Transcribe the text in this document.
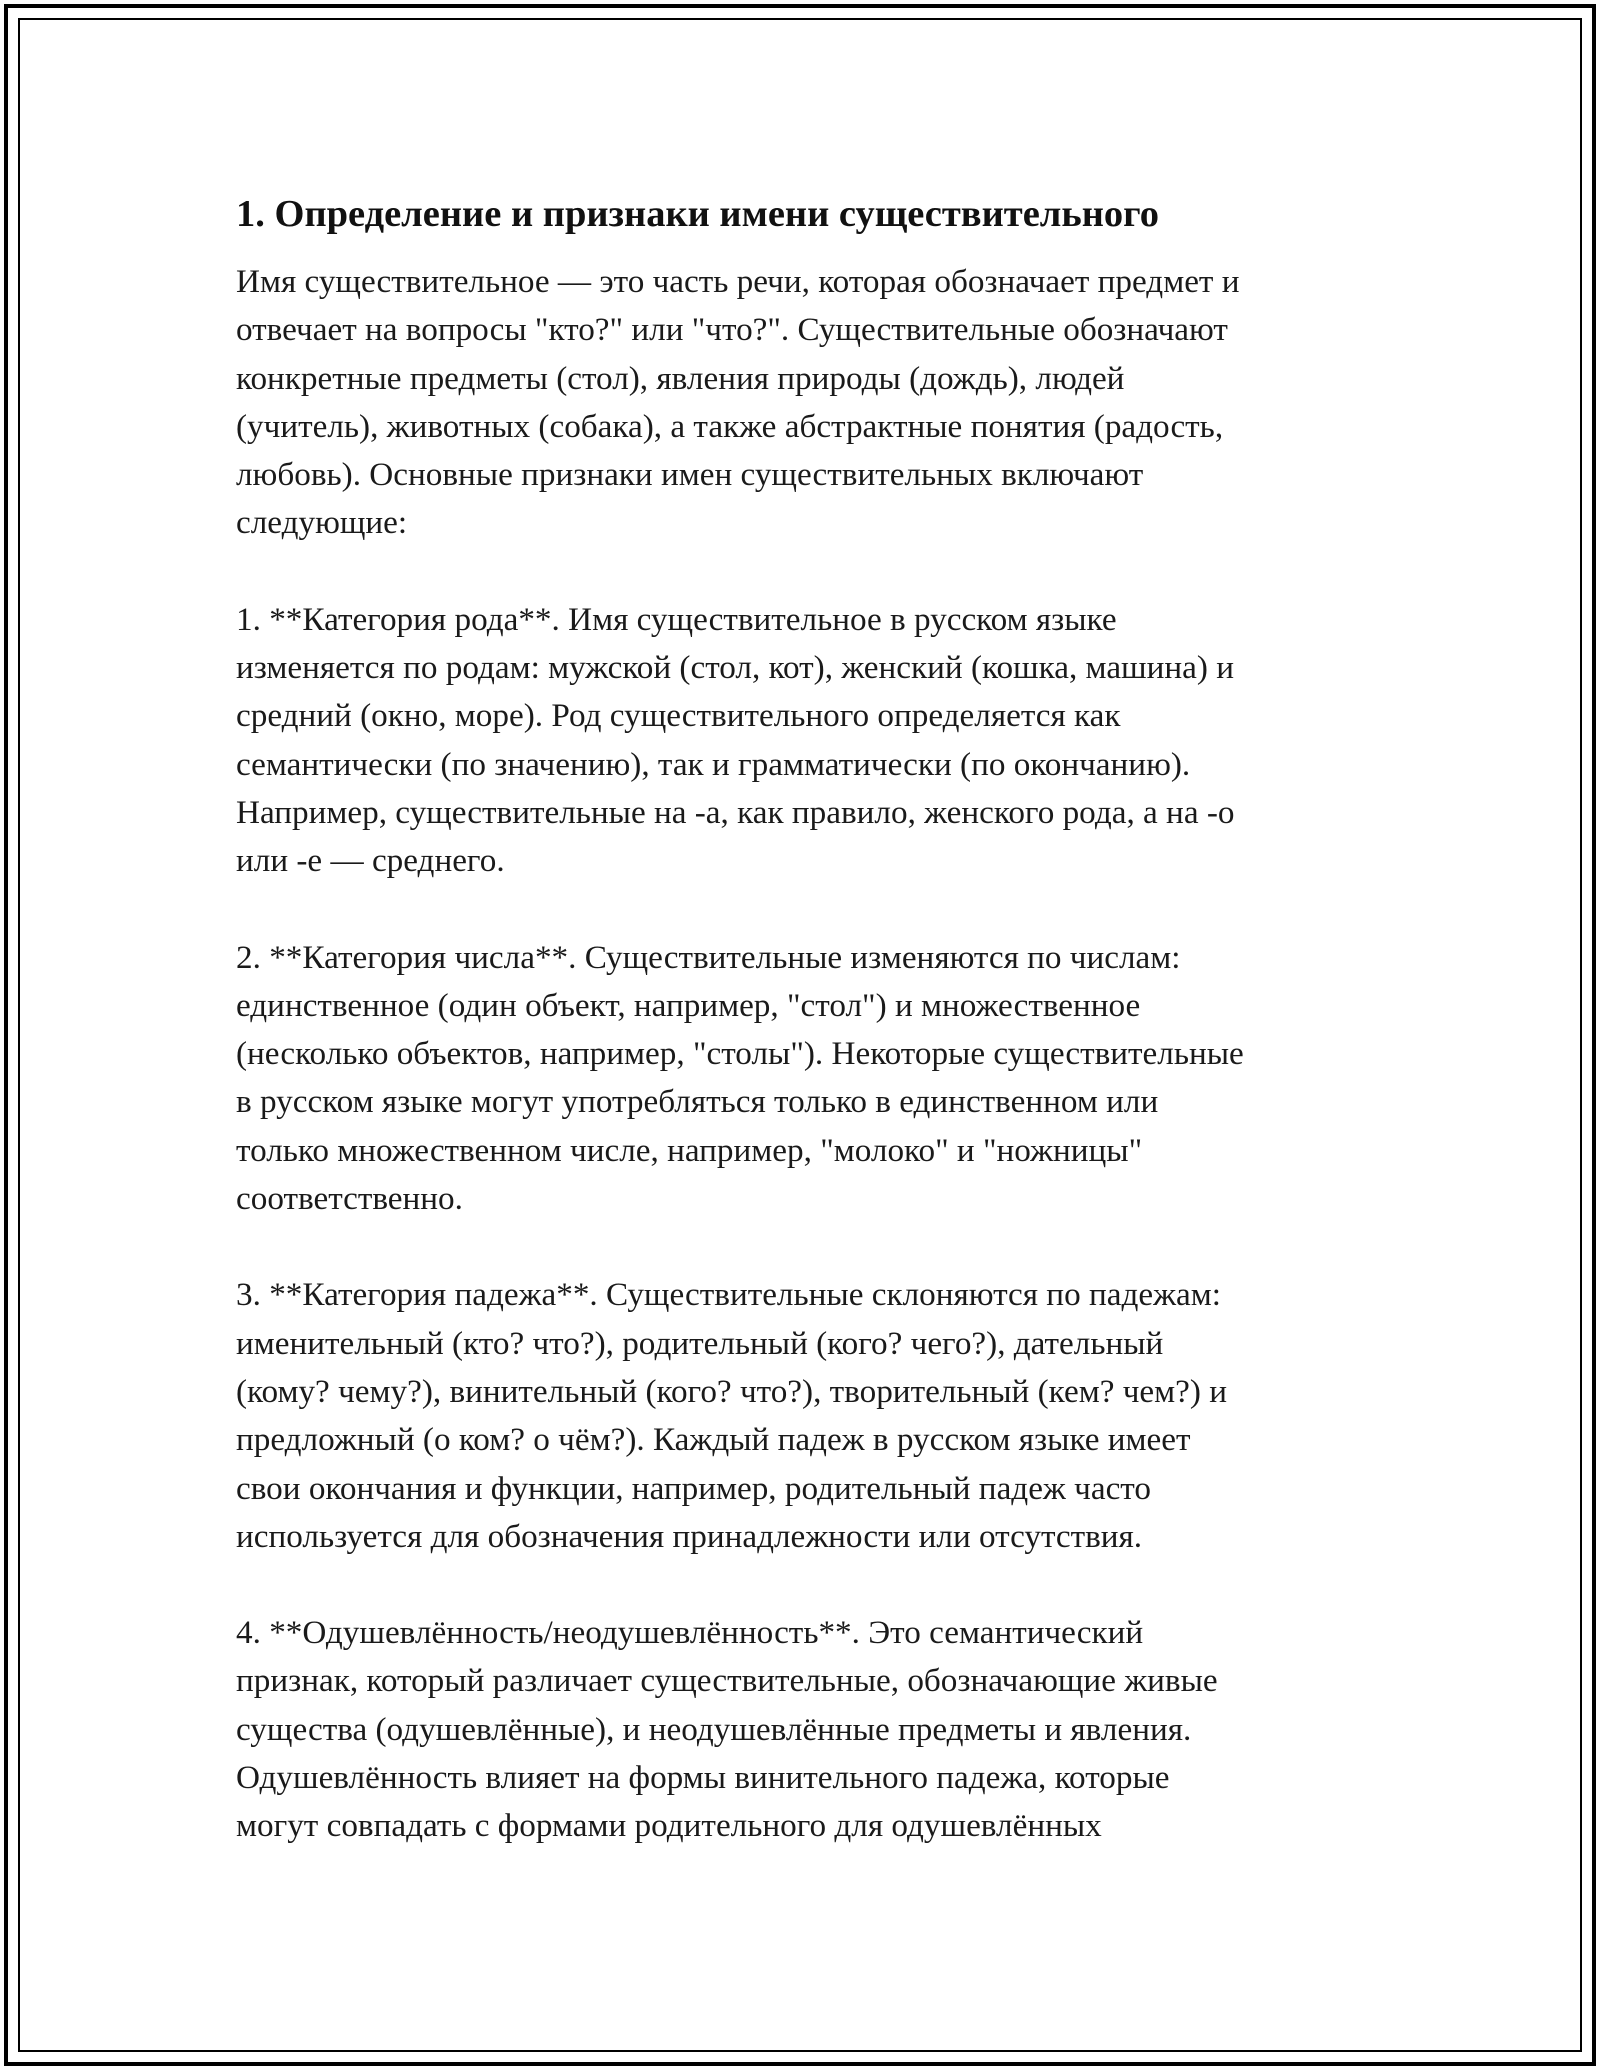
1. Определение и признаки имени существительного

Имя существительное — это часть речи, которая обозначает предмет и
отвечает на вопросы "кто?" или "что?". Существительные обозначают
конкретные предметы (стол), явления природы (дождь), людей
(учитель), животных (собака), а также абстрактные понятия (радость,
любовь). Основные признаки имен существительных включают
следующие:

1. **Категория рода**. Имя существительное в русском языке
изменяется по родам: мужской (стол, кот), женский (кошка, машина) и
средний (окно, море). Род существительного определяется как
семантически (по значению), так и грамматически (по окончанию).
Например, существительные на -а, как правило, женского рода, а на -о
или -е — среднего.

2. **Категория числа**. Существительные изменяются по числам:
единственное (один объект, например, "стол") и множественное
(несколько объектов, например, "столы"). Некоторые существительные
в русском языке могут употребляться только в единственном или
только множественном числе, например, "молоко" и "ножницы"
соответственно.

3. **Категория падежа**. Существительные склоняются по падежам:
именительный (кто? что?), родительный (кого? чего?), дательный
(кому? чему?), винительный (кого? что?), творительный (кем? чем?) и
предложный (о ком? о чём?). Каждый падеж в русском языке имеет
свои окончания и функции, например, родительный падеж часто
используется для обозначения принадлежности или отсутствия.

4. **Одушевлённость/неодушевлённость**. Это семантический
признак, который различает существительные, обозначающие живые
существа (одушевлённые), и неодушевлённые предметы и явления.
Одушевлённость влияет на формы винительного падежа, которые
могут совпадать с формами родительного для одушевлённых
